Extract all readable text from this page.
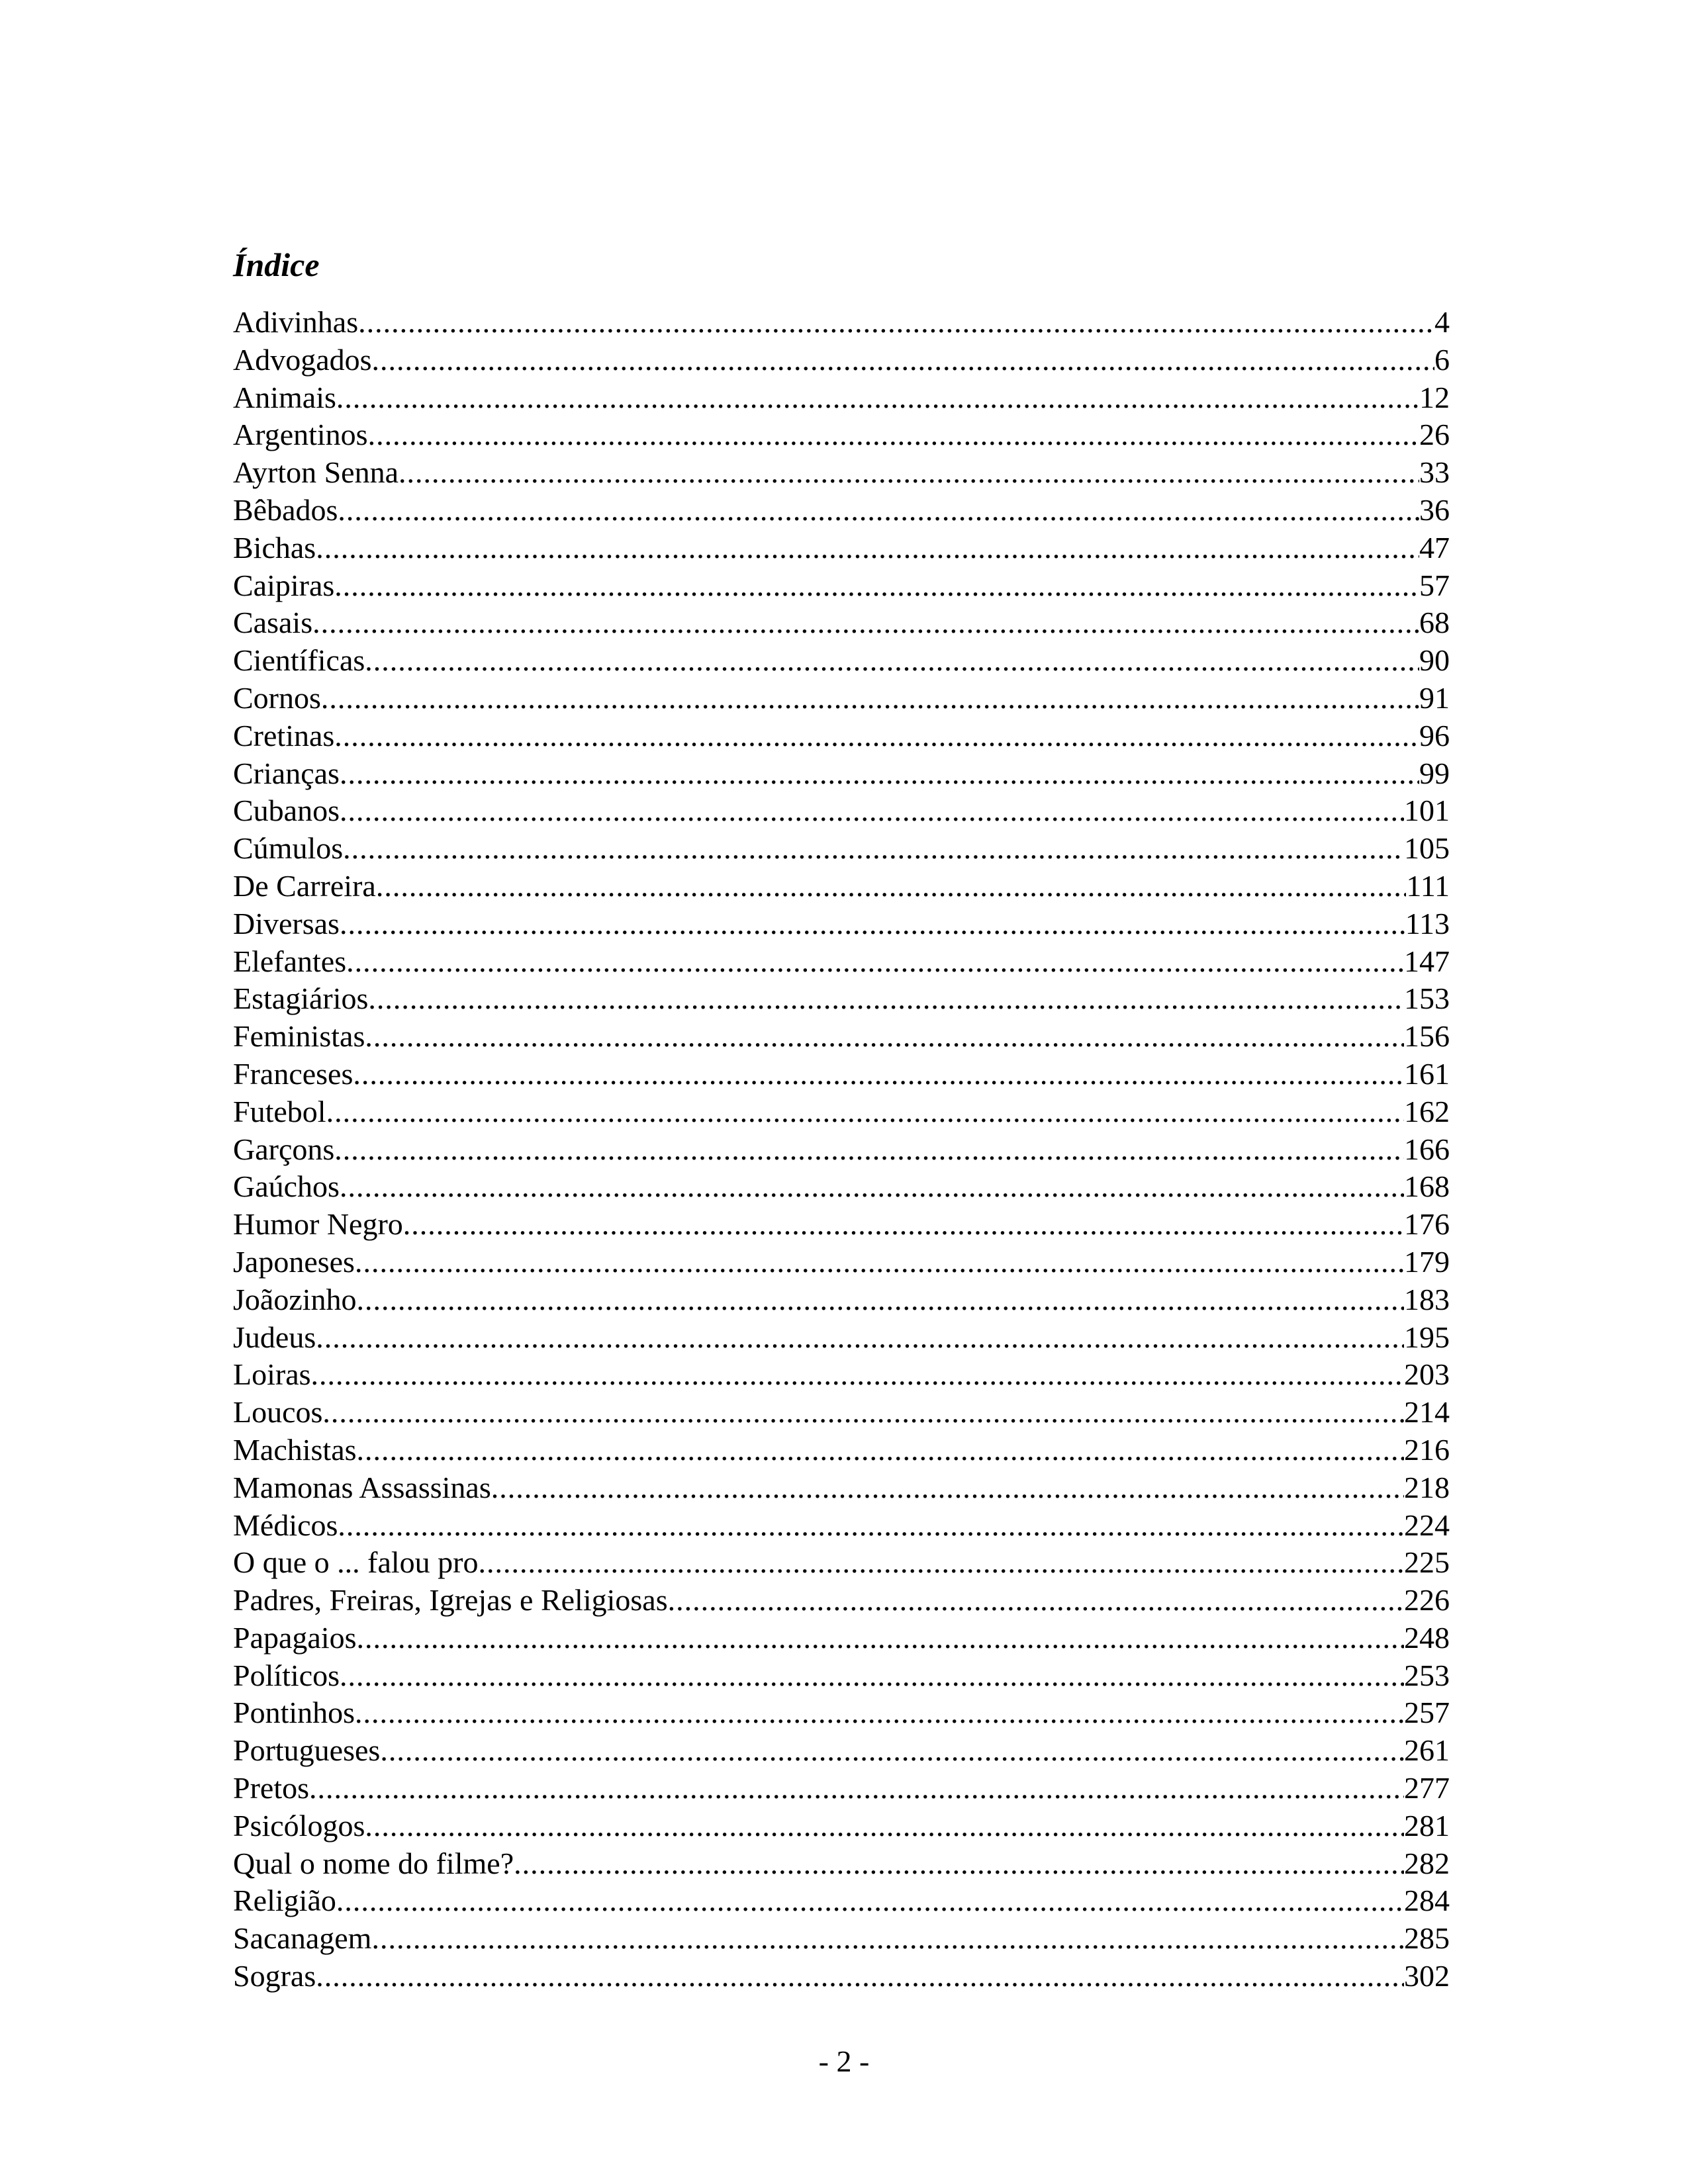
Índice
Adivinhas .....	4
Advogados .....	6
Animais .....	12
Argentinos .....	26
Ayrton Senna .....	33
Bêbados .....	36
Bichas .....	47
Caipiras .....	57
Casais .....	68
Científicas .....	90
Cornos .....	91
Cretinas .....	96
Crianças .....	99
Cubanos .....	101
Cúmulos .....	105
De Carreira .....	111
Diversas .....	113
Elefantes .....	147
Estagiários .....	153
Feministas .....	156
Franceses .....	161
Futebol .....	162
Garçons .....	166
Gaúchos .....	168
Humor Negro .....	176
Japoneses .....	179
Joãozinho .....	183
Judeus .....	195
Loiras .....	203
Loucos .....	214
Machistas .....	216
Mamonas Assassinas .....	218
Médicos .....	224
O que o ... falou pro .....	225
Padres, Freiras, Igrejas e Religiosas .....	226
Papagaios .....	248
Políticos .....	253
Pontinhos .....	257
Portugueses .....	261
Pretos .....	277
Psicólogos .....	281
Qual o nome do filme? .....	282
Religião .....	284
Sacanagem .....	285
Sogras .....	302

- 2 -
